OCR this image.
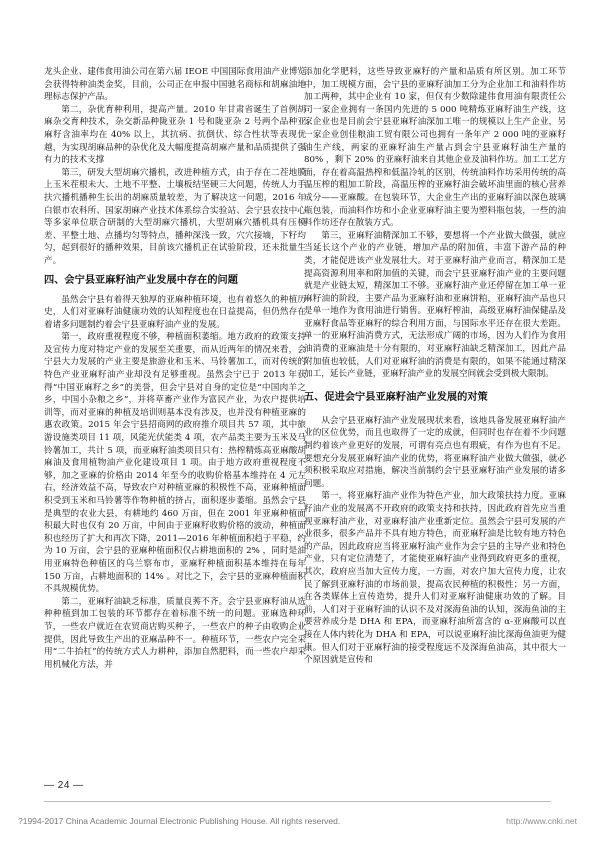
龙头企业、建伟食用油公司在第六届 IEOE 中国国际食用油产业博览会获得特种油类金奖，目前，公司正在申报中国驰名商标和胡麻油地理标志保护产品。

第二，杂优育种利用，提高产量。2010 年甘肃省诞生了首例胡麻杂交育种技术，杂交新品种陇亚杂 1 号和陇亚杂 2 号两个品种亚麻籽含油率均在 40% 以上，其抗病、抗倒伏、综合性状等表现优越，为实现胡麻品种的杂优化及大幅度提高胡麻产量和品质提供了强有力的技术支撑

第三，研发大型胡麻穴播机，改进种植方式，由于存在二茬地膜上玉米茬根未大、土地不平整、土壤板结坚硬三大问题，传统人力手扶穴播机播种生长出的胡麻质量较差，为了解决这一问题，2016 年白银市农科所、国家胡麻产业技术体系综合实验站、会宁县农技中心等多家单位联合研制的大型胡麻穴播机，大型胡麻穴播机具有压模差、平整土地、点播均匀等特点，播种深浅一致，穴穴接墒，下籽均匀，起到很好的播种效果，目前该穴播机正在试验阶段，还未批量生产。

四、会宁县亚麻籽油产业发展中存在的问题

虽然会宁县有着得天独厚的亚麻种植环境，也有着悠久的种植历史，人们对亚麻籽油健康功效的认知程度也在日益提高，但仍然存在着诸多问题制约着会宁县亚麻籽油产业的发展。

第一，政府重视程度不够，种植面积萎缩。地方政府的政策支持及宣传力度对特定产业的发展至关重要，而从近两年的情况来看，会宁县大力发展的产业主要是旅游业和玉米、马铃薯加工，而对传统的特色产业亚麻籽油产业却没有足够重视。虽然会宁已于 2013 年获得“中国亚麻籽之乡”的美誉，但会宁县对自身的定位是“中国肉羊之乡，中国小杂粮之乡”，并将草畜产业作为富民产业，为农户提供培训等，而对亚麻的种植及培训则基本没有涉及，也并没有种植亚麻的惠农政策。2015 年会宁县招商网的政府推介项目共 57 项，其中旅游设施类项目 11 项，风能光伏能类 4 项，农产品类主要为玉米及马铃薯加工，共计 5 项，而亚麻籽油类项目只有：热榨精炼高亚麻酸胡麻油及食用植物油产业化建设项目 1 项。由于地方政府重视程度不够，加之亚麻的价格由 2014 年至今的收购价格基本维持在 4 元左右，经济效益不高，导致农户对种植亚麻的积极性不高，亚麻种植面积受到玉米和马铃薯等作物种植的挤占，面积逐步萎缩。虽然会宁县是典型的农业大县，有耕地约 460 万亩，但在 2001 年亚麻种植面积最大时也仅有 20 万亩，中间由于亚麻籽收购价格的波动，种植面积也经历了扩大和再次下降，2011—2016 年种植面积趋于平稳，约为 10 万亩，会宁县的亚麻种植面积仅占耕地面积的 2% ，同时是油用亚麻特色种植区的乌兰察布市，亚麻籽种植面积基本维持在每年 150 万亩，占耕地面积的 14% 。对比之下，会宁县的亚麻种植面积不具规模优势。

第二，亚麻籽油缺乏标准，质量良莠不齐。会宁县亚麻籽油从选种种植到加工包装的环节都存在着标准不统一的问题。亚麻选种环节，一些农户就近在农贸商店购买种子，一些农户的种子由收购企业提供，因此导致生产出的亚麻品种不一。种植环节，一些农户完全采用“二牛抬杠”的传统方式人力耕种，添加自然肥料，而一些农户却采用机械化方法，并

添加化学肥料，这些导致亚麻籽的产量和品质有所区别。加工环节中，加工规模方面，会宁县的亚麻籽油加工分为企业加工和油料作坊加工两种，其中企业有 10 家，但仅有少数除建伟食用油有限责任公司一家企业拥有一条国内先进的 5 000 吨精炼亚麻籽油生产线，这家企业也是目前会宁县亚麻籽油深加工唯一的规模以上生产企业，另一家企业创佳粮油工贸有限公司也拥有一条年产 2 000 吨的亚麻籽油生产线，两家的亚麻籽油生产量占到会宁县亚麻籽油生产量的 80% ，剩下 20% 的亚麻籽油来自其他企业及油料作坊。加工工艺方面，存在着高温热榨和低温冷轧的区别，传统油料作坊采用传统的高温压榨的粗加工阶段，高温压榨的亚麻籽油会破坏油里面的核心营养成分——亚麻酸。在包装环节，大企业生产出的亚麻籽油以深色玻璃瓶包装，而油料作坊和小企业亚麻籽油主要为塑料瓶包装，一些的油料作坊还存在散装方式。

第三，亚麻籽油精深加工不够，要想将一个产业做大做强，就应当延长这个产业的产业链，增加产品的附加值，丰富下游产品的种类，才能促进该产业发展壮大。对于亚麻籽油产业而言，精深加工是提高资源利用率和附加值的关键，而会宁县亚麻籽油产业的主要问题就是产业链太短，精深加工不够。亚麻籽油产业还停留在加工单一亚麻籽油的阶段，主要产品为亚麻籽油和亚麻饼粕，亚麻籽油产品也只是单一地作为食用油进行销售。亚麻籽榨油，高级亚麻籽油保健品及亚麻籽食品等亚麻籽的综合利用方面，与国际水平还存在很大差距。单一的亚麻籽油消费方式，无法形成广阔的市场，因为人们作为食用油消费的亚麻油是十分有限的，对亚麻籽油缺乏精深加工，因此产品附加值也较低，人们对亚麻籽油的消费是有限的，如果不能通过精深加工，延长产业链，亚麻籽油产业的发展空间就会受到极大限制。

五、促进会宁县亚麻籽油产业发展的对策

从会宁县亚麻籽油产业发展现状来看，该地具备发展亚麻籽油产业的区位优势，而且也取得了一定的成就，但同时也存在着不少问题制约着该产业更好的发展，可谓有亮点也有瑕疵，有作为也有不足。要想充分发展亚麻籽油产业的优势，将亚麻籽油产业做大做强，就必须积极采取应对措施，解决当前制约会宁县亚麻籽油产业发展的诸多问题。

第一，将亚麻籽油产业作为特色产业，加大政策扶持力度。亚麻籽油产业的发展离不开政府的政策支持和扶持，因此政府首先应当重视亚麻籽油产业，对亚麻籽油产业重新定位。虽然会宁县可发展的产业很多，很多产品并不具有地方特色，而亚麻籽油是比较有地方特色的产品，因此政府应当将亚麻籽油产业作为会宁县的主导产业和特色产业，只有定位清楚了，才能使亚麻籽油产业得到政府更多的重视，其次，政府应当加大宣传力度，一方面，对农户加大宣传力度，让农民了解到亚麻籽油的市场前景，提高农民种植的积极性；另一方面，在各类媒体上宣传造势，提升人们对亚麻籽油健康功效的了解。目前，人们对于亚麻籽油的认识不及对深海鱼油的认知，深海鱼油的主要营养成分是 DHA 和 EPA，而亚麻籽油所富含的 α-亚麻酸可以直接在人体内转化为 DHA 和 EPA，可以说亚麻籽油比深海鱼油更为健康。但人们对于亚麻籽油的接受程度远不及深海鱼油高，其中很大一个原因就是宣传和

— 24 —
?1994-2017 China Academic Journal Electronic Publishing House. All rights reserved.	http://www.cnki.net
